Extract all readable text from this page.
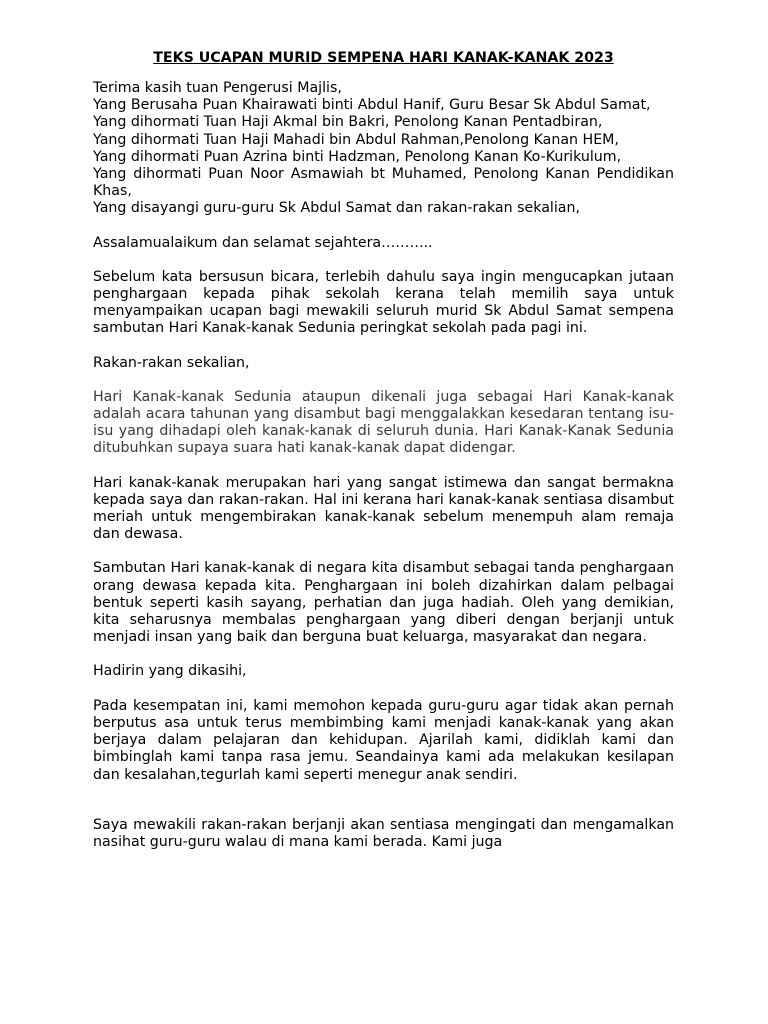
TEKS UCAPAN MURID SEMPENA HARI KANAK-KANAK 2023

Terima kasih tuan Pengerusi Majlis,
Yang Berusaha Puan Khairawati binti Abdul Hanif, Guru Besar Sk Abdul Samat,
Yang dihormati Tuan Haji Akmal bin Bakri, Penolong Kanan Pentadbiran,
Yang dihormati Tuan Haji Mahadi bin Abdul Rahman,Penolong Kanan HEM,
Yang dihormati Puan Azrina binti Hadzman, Penolong Kanan Ko-Kurikulum,
Yang dihormati Puan Noor Asmawiah bt Muhamed, Penolong Kanan Pendidikan Khas,
Yang disayangi guru-guru Sk Abdul Samat dan rakan-rakan sekalian,

Assalamualaikum dan selamat sejahtera………..

Sebelum kata bersusun bicara, terlebih dahulu saya ingin mengucapkan jutaan penghargaan kepada pihak sekolah kerana telah memilih saya untuk menyampaikan ucapan bagi mewakili seluruh murid Sk Abdul Samat sempena sambutan Hari Kanak-kanak Sedunia peringkat sekolah pada pagi ini.

Rakan-rakan sekalian,

Hari Kanak-kanak Sedunia ataupun dikenali juga sebagai Hari Kanak-kanak adalah acara tahunan yang disambut bagi menggalakkan kesedaran tentang isu-isu yang dihadapi oleh kanak-kanak di seluruh dunia. Hari Kanak-Kanak Sedunia ditubuhkan supaya suara hati kanak-kanak dapat didengar.

Hari kanak-kanak merupakan hari yang sangat istimewa dan sangat bermakna kepada saya dan rakan-rakan. Hal ini kerana hari kanak-kanak sentiasa disambut meriah untuk mengembirakan kanak-kanak sebelum menempuh alam remaja dan dewasa.

Sambutan Hari kanak-kanak di negara kita disambut sebagai tanda penghargaan orang dewasa kepada kita. Penghargaan ini boleh dizahirkan dalam pelbagai bentuk seperti kasih sayang, perhatian dan juga hadiah. Oleh yang demikian, kita seharusnya membalas penghargaan yang diberi dengan berjanji untuk menjadi insan yang baik dan berguna buat keluarga, masyarakat dan negara.

Hadirin yang dikasihi,

Pada kesempatan ini, kami memohon kepada guru-guru agar tidak akan pernah berputus asa untuk terus membimbing kami menjadi kanak-kanak yang akan berjaya dalam pelajaran dan kehidupan. Ajarilah kami, didiklah kami dan bimbinglah kami tanpa rasa jemu. Seandainya kami ada melakukan kesilapan dan kesalahan,tegurlah kami seperti menegur anak sendiri.

Saya mewakili rakan-rakan berjanji akan sentiasa mengingati dan mengamalkan nasihat guru-guru walau di mana kami berada. Kami juga
